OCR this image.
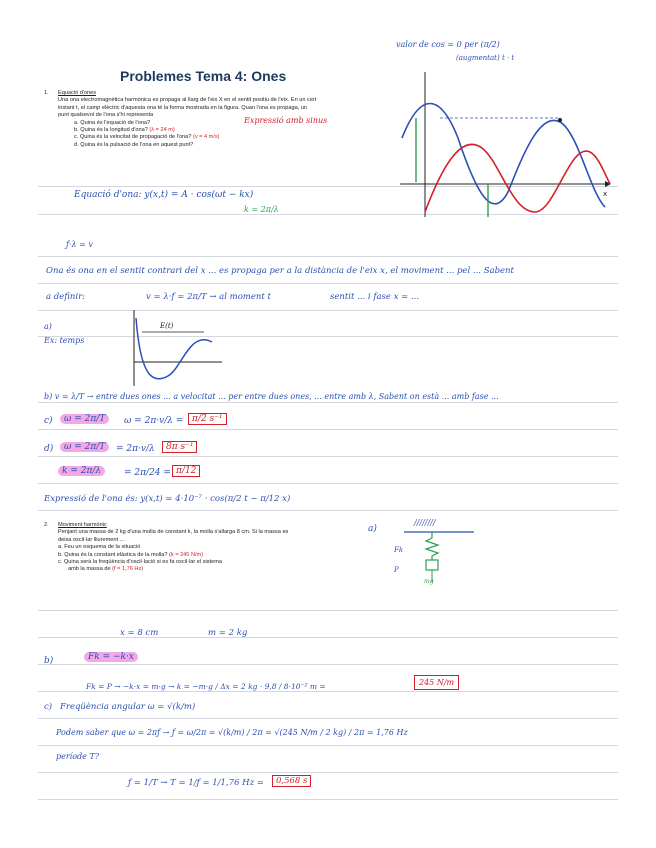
Problemes Tema 4: Ones
valor de cos = 0 per (π/2)
(augmentat) t · t
1. Equació d'ones
Una ona electromagnètica harmònica es propaga al llarg de l'eix X en el sentit positiu de l'eix. En un cert
instant t, el camp elèctric d'aquesta ona té la forma mostrada en la figura. Quan l'ona es propaga, un
punt qualsevol de l'ona s'hi representa
a. Quina és l'equació de l'ona?
b. Quina és la longitud d'ona? (λ = 24 m)
c. Quina és la velocitat de propagació de l'ona? (v = 4 m/s)
d. Quina és la pulsació de l'ona en aquest punt?
Expressió amb sinus
x
Equació d'ona: y(x,t) = A · cos(ωt − kx)
k = 2π/λ
ƒ·λ = v
Ona és ona en el sentit contrari del x ... es propaga per a la distància de l'eix x, el moviment ... pel ... Sabent
a definir:	v = λ·f = 2π/T → al moment t	sentit ... i fase x = ...
a)
Ex: temps
E(t)
b) v = λ/T → entre dues ones ... a velocitat ... per entre dues ones, ... entre amb λ, Sabent on està ... amb fase ...
c)	ω = 2π/T	ω = 2π·v/λ = π/2 s⁻¹
d)	ω = 2π/T	= 2π·v/λ	8π s⁻¹
k = 2π/λ	= 2π/24 = π/12
Expressió de l'ona és: y(x,t) = 4·10⁻⁷ · cos(π/2 t − π/12 x)
2. Moviment harmònic
Penjant una massa de 2 kg d'una molla de constant k, la molla s'allarga 8 cm. Si la massa es
deixa oscil·lar lliurement ...
a. Feu un esquema de la situació
b. Quina és la constant elàstica de la molla? (k = 245 N/m)
c. Quina serà la freqüència d'oscil·lació si es fa oscil·lar el sistema
amb la massa de (f = 1,76 Hz)
a)
////////
Fk
P
mg
x = 8 cm	m = 2 kg
b)	Fk = −k·x
Fk = P → −k·x = m·g → k = −m·g / Δx = 2 kg · 9,8 / 8·10⁻² m =	245 N/m
c) Freqüència angular ω = √(k/m)
Podem saber que ω = 2πƒ → ƒ = ω/2π = √(k/m) / 2π = √(245 N/m / 2 kg) / 2π = 1,76 Hz
període T?
ƒ = 1/T → T = 1/ƒ = 1/1,76 Hz =	0,568 s
